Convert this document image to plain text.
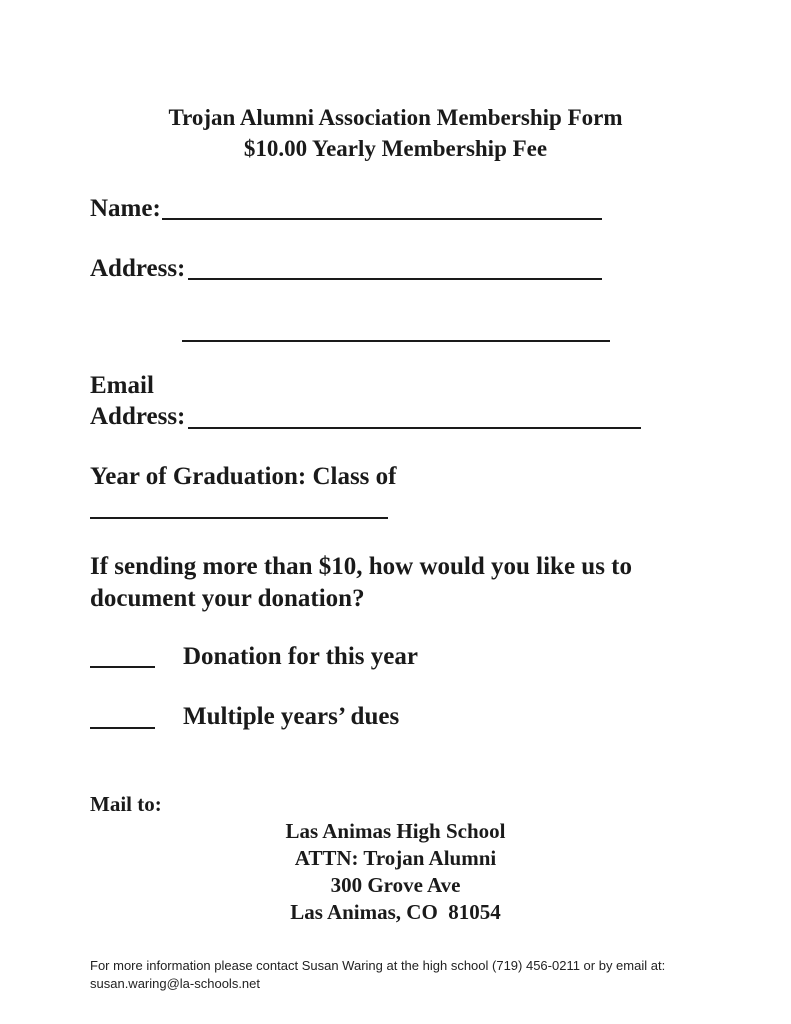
Trojan Alumni Association Membership Form
$10.00 Yearly Membership Fee
Name:
Address:
Email
Address:
Year of Graduation: Class of
If sending more than $10, how would you like us to
document your donation?
Donation for this year
Multiple years’ dues
Mail to:
Las Animas High School
ATTN: Trojan Alumni
300 Grove Ave
Las Animas, CO  81054
For more information please contact Susan Waring at the high school (719) 456-0211 or by email at:
susan.waring@la-schools.net
